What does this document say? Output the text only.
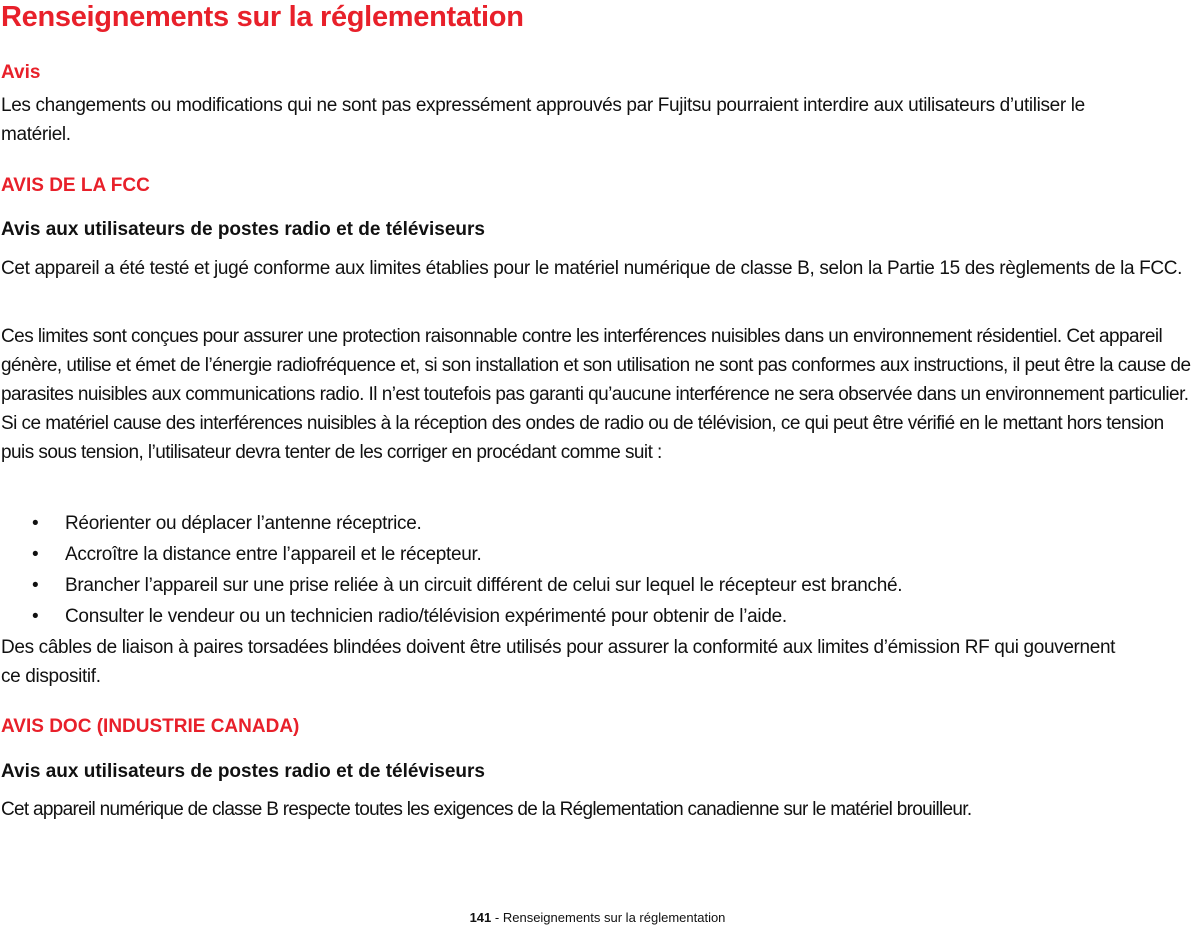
Renseignements sur la réglementation
Avis

Les changements ou modifications qui ne sont pas expressément approuvés par Fujitsu pourraient interdire aux utilisateurs d’utiliser le matériel.

AVIS DE LA FCC
Avis aux utilisateurs de postes radio et de téléviseurs

Cet appareil a été testé et jugé conforme aux limites établies pour le matériel numérique de classe B, selon la Partie 15 des règlements de la FCC.

Ces limites sont conçues pour assurer une protection raisonnable contre les interférences nuisibles dans un environnement résidentiel. Cet appareil génère, utilise et émet de l’énergie radiofréquence et, si son installation et son utilisation ne sont pas conformes aux instructions, il peut être la cause de parasites nuisibles aux communications radio. Il n’est toutefois pas garanti qu’aucune interférence ne sera observée dans un environnement particulier. Si ce matériel cause des interférences nuisibles à la réception des ondes de radio ou de télévision, ce qui peut être vérifié en le mettant hors tension puis sous tension, l’utilisateur devra tenter de les corriger en procédant comme suit :

• Réorienter ou déplacer l’antenne réceptrice.
• Accroître la distance entre l’appareil et le récepteur.
• Brancher l’appareil sur une prise reliée à un circuit différent de celui sur lequel le récepteur est branché.
• Consulter le vendeur ou un technicien radio/télévision expérimenté pour obtenir de l’aide.

Des câbles de liaison à paires torsadées blindées doivent être utilisés pour assurer la conformité aux limites d’émission RF qui gouvernent ce dispositif.

AVIS DOC (INDUSTRIE CANADA)
Avis aux utilisateurs de postes radio et de téléviseurs

Cet appareil numérique de classe B respecte toutes les exigences de la Réglementation canadienne sur le matériel brouilleur.

141 - Renseignements sur la réglementation
